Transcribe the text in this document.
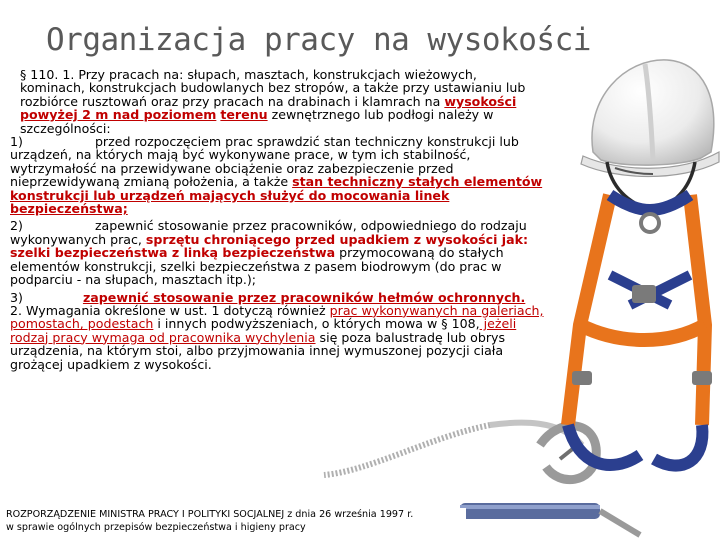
Organizacja pracy na wysokości

§ 110. 1. Przy pracach na: słupach, masztach, konstrukcjach wieżowych, kominach, konstrukcjach budowlanych bez stropów, a także przy ustawianiu lub rozbiórce rusztowań oraz przy pracach na drabinach i klamrach na wysokości powyżej 2 m nad poziomem terenu zewnętrznego lub podłogi należy w szczególności:

1)	przed rozpoczęciem prac sprawdzić stan techniczny konstrukcji lub urządzeń, na których mają być wykonywane prace, w tym ich stabilność, wytrzymałość na przewidywane obciążenie oraz zabezpieczenie przed nieprzewidywaną zmianą położenia, a także stan techniczny stałych elementów konstrukcji lub urządzeń mających służyć do mocowania linek bezpieczeństwa;

2)	zapewnić stosowanie przez pracowników, odpowiedniego do rodzaju wykonywanych prac, sprzętu chroniącego przed upadkiem z wysokości jak: szelki bezpieczeństwa z linką bezpieczeństwa przymocowaną do stałych elementów konstrukcji, szelki bezpieczeństwa z pasem biodrowym (do prac w podparciu - na słupach, masztach itp.);

3)	zapewnić stosowanie przez pracowników hełmów ochronnych.

2. Wymagania określone w ust. 1 dotyczą również prac wykonywanych na galeriach, pomostach, podestach i innych podwyższeniach, o których mowa w § 108, jeżeli rodzaj pracy wymaga od pracownika wychylenia się poza balustradę lub obrys urządzenia, na którym stoi, albo przyjmowania innej wymuszonej pozycji ciała grożącej upadkiem z wysokości.

ROZPORZĄDZENIE MINISTRA PRACY I POLITYKI SOCJALNEJ z dnia 26 września 1997 r.
w sprawie ogólnych przepisów bezpieczeństwa i higieny pracy
